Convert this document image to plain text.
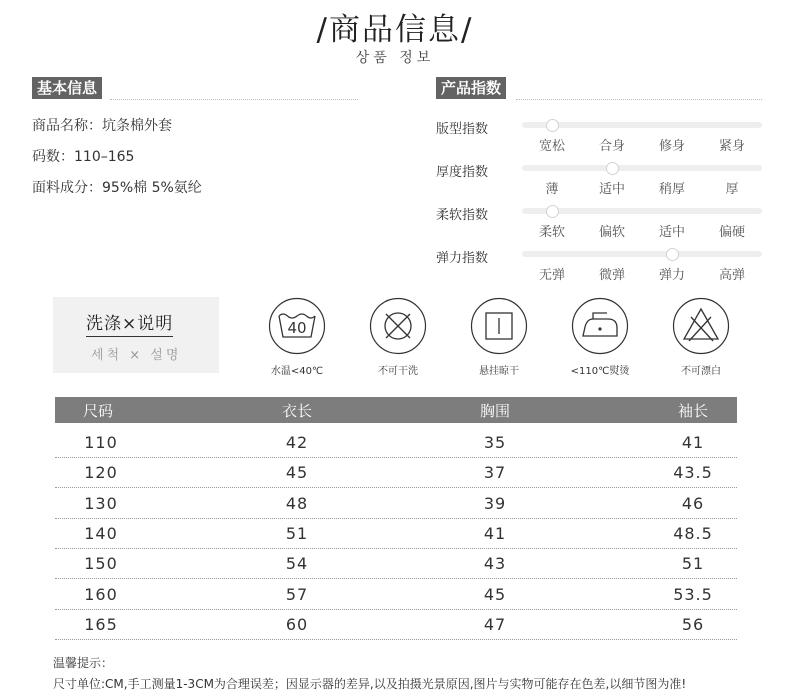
/商品信息/
상품 정보
基本信息
商品名称：坑条棉外套
码数：110–165
面料成分：95%棉 5%氨纶
产品指数
版型指数
宽松	合身	修身	紧身
厚度指数
薄	适中	稍厚	厚
柔软指数
柔软	偏软	适中	偏硬
弹力指数
无弹	微弹	弹力	高弹
洗涤×说明
세척 × 설명
40
水温<40℃	不可干洗	悬挂晾干	<110℃熨烫	不可漂白
尺码	衣长	胸围	袖长
110	42	35	41
120	45	37	43.5
130	48	39	46
140	51	41	48.5
150	54	43	51
160	57	45	53.5
165	60	47	56
温馨提示：
尺寸单位:CM,手工测量1-3CM为合理误差；因显示器的差异,以及拍摄光景原因,图片与实物可能存在色差,以细节图为准!
